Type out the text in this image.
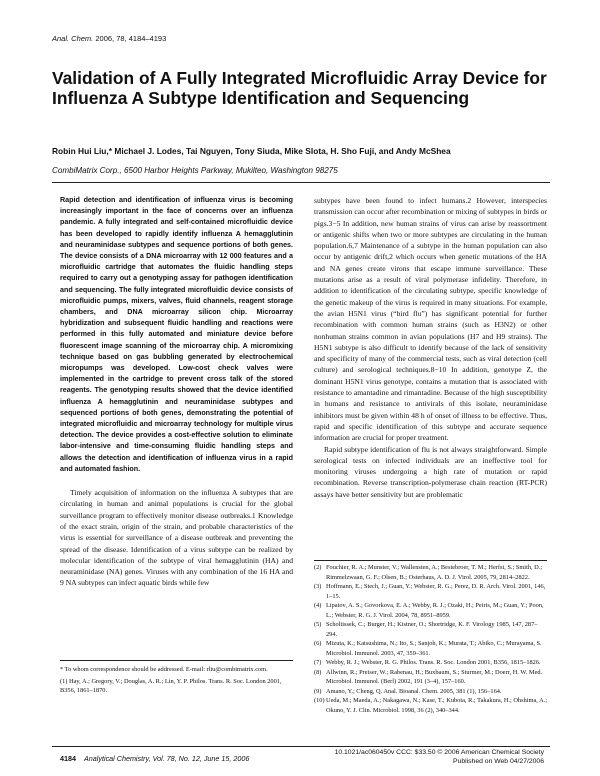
Anal. Chem. 2006, 78, 4184–4193
Validation of A Fully Integrated Microfluidic Array Device for Influenza A Subtype Identification and Sequencing
Robin Hui Liu,* Michael J. Lodes, Tai Nguyen, Tony Siuda, Mike Slota, H. Sho Fuji, and Andy McShea
CombiMatrix Corp., 6500 Harbor Heights Parkway, Mukilteo, Washington 98275

Rapid detection and identification of influenza virus is becoming increasingly important in the face of concerns over an influenza pandemic. A fully integrated and self-contained microfluidic device has been developed to rapidly identify influenza A hemagglutinin and neuraminidase subtypes and sequence portions of both genes. The device consists of a DNA microarray with 12 000 features and a microfluidic cartridge that automates the fluidic handling steps required to carry out a genotyping assay for pathogen identification and sequencing. The fully integrated microfluidic device consists of microfluidic pumps, mixers, valves, fluid channels, reagent storage chambers, and DNA microarray silicon chip. Microarray hybridization and subsequent fluidic handling and reactions were performed in this fully automated and miniature device before fluorescent image scanning of the microarray chip. A micromixing technique based on gas bubbling generated by electrochemical micropumps was developed. Low-cost check valves were implemented in the cartridge to prevent cross talk of the stored reagents. The genotyping results showed that the device identified influenza A hemagglutinin and neuraminidase subtypes and sequenced portions of both genes, demonstrating the potential of integrated microfluidic and microarray technology for multiple virus detection. The device provides a cost-effective solution to eliminate labor-intensive and time-consuming fluidic handling steps and allows the detection and identification of influenza virus in a rapid and automated fashion.

Timely acquisition of information on the influenza A subtypes that are circulating in human and animal populations is crucial for the global surveillance program to effectively monitor disease outbreaks.1 Knowledge of the exact strain, origin of the strain, and probable characteristics of the virus is essential for surveillance of a disease outbreak and preventing the spread of the disease. Identification of a virus subtype can be realized by molecular identification of the subtype of viral hemagglutinin (HA) and neuraminidase (NA) genes. Viruses with any combination of the 16 HA and 9 NA subtypes can infect aquatic birds while few

* To whom correspondence should be addressed. E-mail: rliu@combimatrix.com.

(1) Hay, A.; Gregory, V.; Douglas, A. R.; Lin, Y. P. Philos. Trans. R. Soc. London 2001, B356, 1861–1870.

subtypes have been found to infect humans.2 However, interspecies transmission can occur after recombination or mixing of subtypes in birds or pigs.3−5 In addition, new human strains of virus can arise by reassortment or antigenic shifts when two or more subtypes are circulating in the human population.6,7 Maintenance of a subtype in the human population can also occur by antigenic drift,2 which occurs when genetic mutations of the HA and NA genes create virons that escape immune surveillance. These mutations arise as a result of viral polymerase infidelity. Therefore, in addition to identification of the circulating subtype, specific knowledge of the genetic makeup of the virus is required in many situations. For example, the avian H5N1 virus (“bird flu”) has significant potential for further recombination with common human strains (such as H3N2) or other nonhuman strains common in avian populations (H7 and H9 strains). The H5N1 subtype is also difficult to identify because of the lack of sensitivity and specificity of many of the commercial tests, such as viral detection (cell culture) and serological techniques.8−10 In addition, genotype Z, the dominant H5N1 virus genotype, contains a mutation that is associated with resistance to amantadine and rimantadine. Because of the high susceptibility in humans and resistance to antivirals of this isolate, neuraminidase inhibitors must be given within 48 h of onset of illness to be effective. Thus, rapid and specific identification of this subtype and accurate sequence information are crucial for proper treatment.

Rapid subtype identification of flu is not always straightforward. Simple serological tests on infected individuals are an ineffective tool for monitoring viruses undergoing a high rate of mutation or rapid recombination. Reverse transcription-polymerase chain reaction (RT-PCR) assays have better sensitivity but are problematic

(2) Fouchier, R. A.; Munster, V.; Wallensten, A.; Bestebroer, T. M.; Herfst, S.; Smith, D.; Rimmelzwaan, G. F.; Olsen, B.; Osterhaus, A. D. J. Virol. 2005, 79, 2814–2822.
(3) Hoffmann, E.; Stech, J.; Guan, Y.; Webster, R. G.; Perez, D. R. Arch. Virol. 2001, 146, 1–15.
(4) Lipatov, A. S.; Govorkova, E. A.; Webby, R. J.; Ozaki, H.; Peiris, M.; Guan, Y.; Poon, L.; Webster, R. G. J. Virol. 2004, 78, 8951–8959.
(5) Scholtissek, C.; Burger, H.; Kistner, O.; Shortridge, K. F. Virology 1985, 147, 287–294.
(6) Mizuta, K.; Katsushima, N.; Ito, S.; Sanjoh, K.; Murata, T.; Abiko, C.; Murayama, S. Microbiol. Immunol. 2003, 47, 359–361.
(7) Webby, R. J.; Webster, R. G. Philos. Trans. R. Soc. London 2001, B356, 1815–1826.
(8) Allwinn, R.; Preiser, W.; Rabenau, H.; Buxbaum, S.; Sturmer, M.; Doerr, H. W. Med. Microbiol. Immunol. (Berl) 2002, 191 (3–4), 157–160.
(9) Amano, Y.; Cheng, Q. Anal. Bioanal. Chem. 2005, 381 (1), 156–164.
(10) Ueda, M.; Maeda, A.; Nakagawa, N.; Kase, T.; Kubota, R.; Takakura, H.; Ohshima, A.; Okuno, Y. J. Clin. Microbiol. 1998, 36 (2), 340–344.
4184 Analytical Chemistry, Vol. 78, No. 12, June 15, 2006
10.1021/ac060450v CCC: $33.50 © 2006 American Chemical Society
Published on Web 04/27/2006
